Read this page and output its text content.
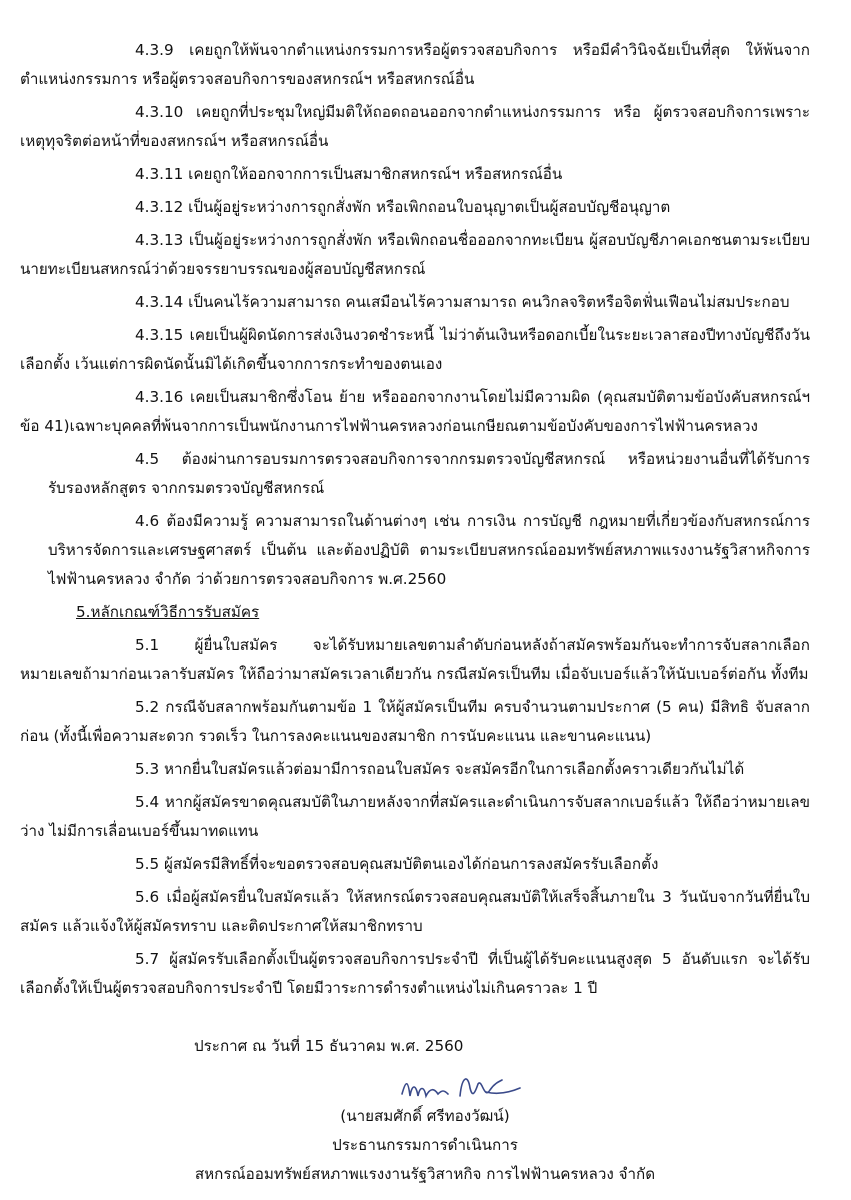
4.3.9 เคยถูกให้พ้นจากตำแหน่งกรรมการหรือผู้ตรวจสอบกิจการ หรือมีคำวินิจฉัยเป็นที่สุด ให้พ้นจากตำแหน่งกรรมการ หรือผู้ตรวจสอบกิจการของสหกรณ์ฯ หรือสหกรณ์อื่น

4.3.10 เคยถูกที่ประชุมใหญ่มีมติให้ถอดถอนออกจากตำแหน่งกรรมการ หรือ ผู้ตรวจสอบกิจการเพราะเหตุทุจริตต่อหน้าที่ของสหกรณ์ฯ หรือสหกรณ์อื่น

4.3.11 เคยถูกให้ออกจากการเป็นสมาชิกสหกรณ์ฯ หรือสหกรณ์อื่น

4.3.12 เป็นผู้อยู่ระหว่างการถูกสั่งพัก หรือเพิกถอนใบอนุญาตเป็นผู้สอบบัญชีอนุญาต

4.3.13 เป็นผู้อยู่ระหว่างการถูกสั่งพัก หรือเพิกถอนชื่อออกจากทะเบียน ผู้สอบบัญชีภาคเอกชนตามระเบียบนายทะเบียนสหกรณ์ว่าด้วยจรรยาบรรณของผู้สอบบัญชีสหกรณ์

4.3.14 เป็นคนไร้ความสามารถ คนเสมือนไร้ความสามารถ คนวิกลจริตหรือจิตฟั่นเฟือนไม่สมประกอบ

4.3.15 เคยเป็นผู้ผิดนัดการส่งเงินงวดชำระหนี้ ไม่ว่าต้นเงินหรือดอกเบี้ยในระยะเวลาสองปีทางบัญชีถึงวันเลือกตั้ง เว้นแต่การผิดนัดนั้นมิได้เกิดขึ้นจากการกระทำของตนเอง

4.3.16 เคยเป็นสมาชิกซึ่งโอน ย้าย หรือออกจากงานโดยไม่มีความผิด (คุณสมบัติตามข้อบังคับสหกรณ์ฯ ข้อ 41)เฉพาะบุคคลที่พ้นจากการเป็นพนักงานการไฟฟ้านครหลวงก่อนเกษียณตามข้อบังคับของการไฟฟ้านครหลวง

4.5 ต้องผ่านการอบรมการตรวจสอบกิจการจากกรมตรวจบัญชีสหกรณ์ หรือหน่วยงานอื่นที่ได้รับการรับรองหลักสูตร จากกรมตรวจบัญชีสหกรณ์

4.6 ต้องมีความรู้ ความสามารถในด้านต่างๆ เช่น การเงิน การบัญชี กฎหมายที่เกี่ยวข้องกับสหกรณ์การบริหารจัดการและเศรษฐศาสตร์ เป็นต้น และต้องปฏิบัติ ตามระเบียบสหกรณ์ออมทรัพย์สหภาพแรงงานรัฐวิสาหกิจการไฟฟ้านครหลวง จำกัด ว่าด้วยการตรวจสอบกิจการ พ.ศ.2560

5.หลักเกณฑ์วิธีการรับสมัคร

5.1 ผู้ยื่นใบสมัคร จะได้รับหมายเลขตามลำดับก่อนหลังถ้าสมัครพร้อมกันจะทำการจับสลากเลือกหมายเลขถ้ามาก่อนเวลารับสมัคร ให้ถือว่ามาสมัครเวลาเดียวกัน กรณีสมัครเป็นทีม เมื่อจับเบอร์แล้วให้นับเบอร์ต่อกัน ทั้งทีม

5.2 กรณีจับสลากพร้อมกันตามข้อ 1 ให้ผู้สมัครเป็นทีม ครบจำนวนตามประกาศ (5 คน) มีสิทธิ จับสลากก่อน (ทั้งนี้เพื่อความสะดวก รวดเร็ว ในการลงคะแนนของสมาชิก การนับคะแนน และขานคะแนน)

5.3 หากยื่นใบสมัครแล้วต่อมามีการถอนใบสมัคร จะสมัครอีกในการเลือกตั้งคราวเดียวกันไม่ได้

5.4 หากผู้สมัครขาดคุณสมบัติในภายหลังจากที่สมัครและดำเนินการจับสลากเบอร์แล้ว ให้ถือว่าหมายเลขว่าง ไม่มีการเลื่อนเบอร์ขึ้นมาทดแทน

5.5 ผู้สมัครมีสิทธิ์ที่จะขอตรวจสอบคุณสมบัติตนเองได้ก่อนการลงสมัครรับเลือกตั้ง

5.6 เมื่อผู้สมัครยื่นใบสมัครแล้ว ให้สหกรณ์ตรวจสอบคุณสมบัติให้เสร็จสิ้นภายใน 3 วันนับจากวันที่ยื่นใบสมัคร แล้วแจ้งให้ผู้สมัครทราบ และติดประกาศให้สมาชิกทราบ

5.7 ผู้สมัครรับเลือกตั้งเป็นผู้ตรวจสอบกิจการประจำปี ที่เป็นผู้ได้รับคะแนนสูงสุด 5 อันดับแรก จะได้รับเลือกตั้งให้เป็นผู้ตรวจสอบกิจการประจำปี โดยมีวาระการดำรงตำแหน่งไม่เกินคราวละ 1 ปี

ประกาศ ณ วันที่ 15 ธันวาคม พ.ศ. 2560
(นายสมศักดิ์ ศรีทองวัฒน์)
ประธานกรรมการดำเนินการ
สหกรณ์ออมทรัพย์สหภาพแรงงานรัฐวิสาหกิจ การไฟฟ้านครหลวง จำกัด
